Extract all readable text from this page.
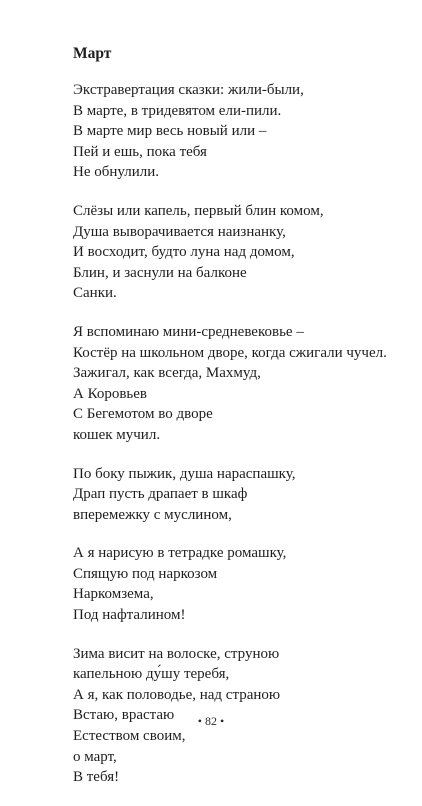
Март
Экстравертация сказки: жили-были,
В марте, в тридевятом ели-пили.
В марте мир весь новый или –
Пей и ешь, пока тебя
Не обнулили.
Слёзы или капель, первый блин комом,
Душа выворачивается наизнанку,
И восходит, будто луна над домом,
Блин, и заснули на балконе
Санки.
Я вспоминаю мини-средневековье –
Костёр на школьном дворе, когда сжигали чучел.
Зажигал, как всегда, Махмуд,
А Коровьев
С Бегемотом во дворе
кошек мучил.
По боку пыжик, душа нараспашку,
Драп пусть драпает в шкаф
вперемежку с муслином,
А я нарисую в тетрадке ромашку,
Спящую под наркозом
Наркомзема,
Под нафталином!
Зима висит на волоске, струною
капельною ду́шу теребя,
А я, как половодье, над страною
Встаю, врастаю
Естеством своим,
о март,
В тебя!
• 82 •
